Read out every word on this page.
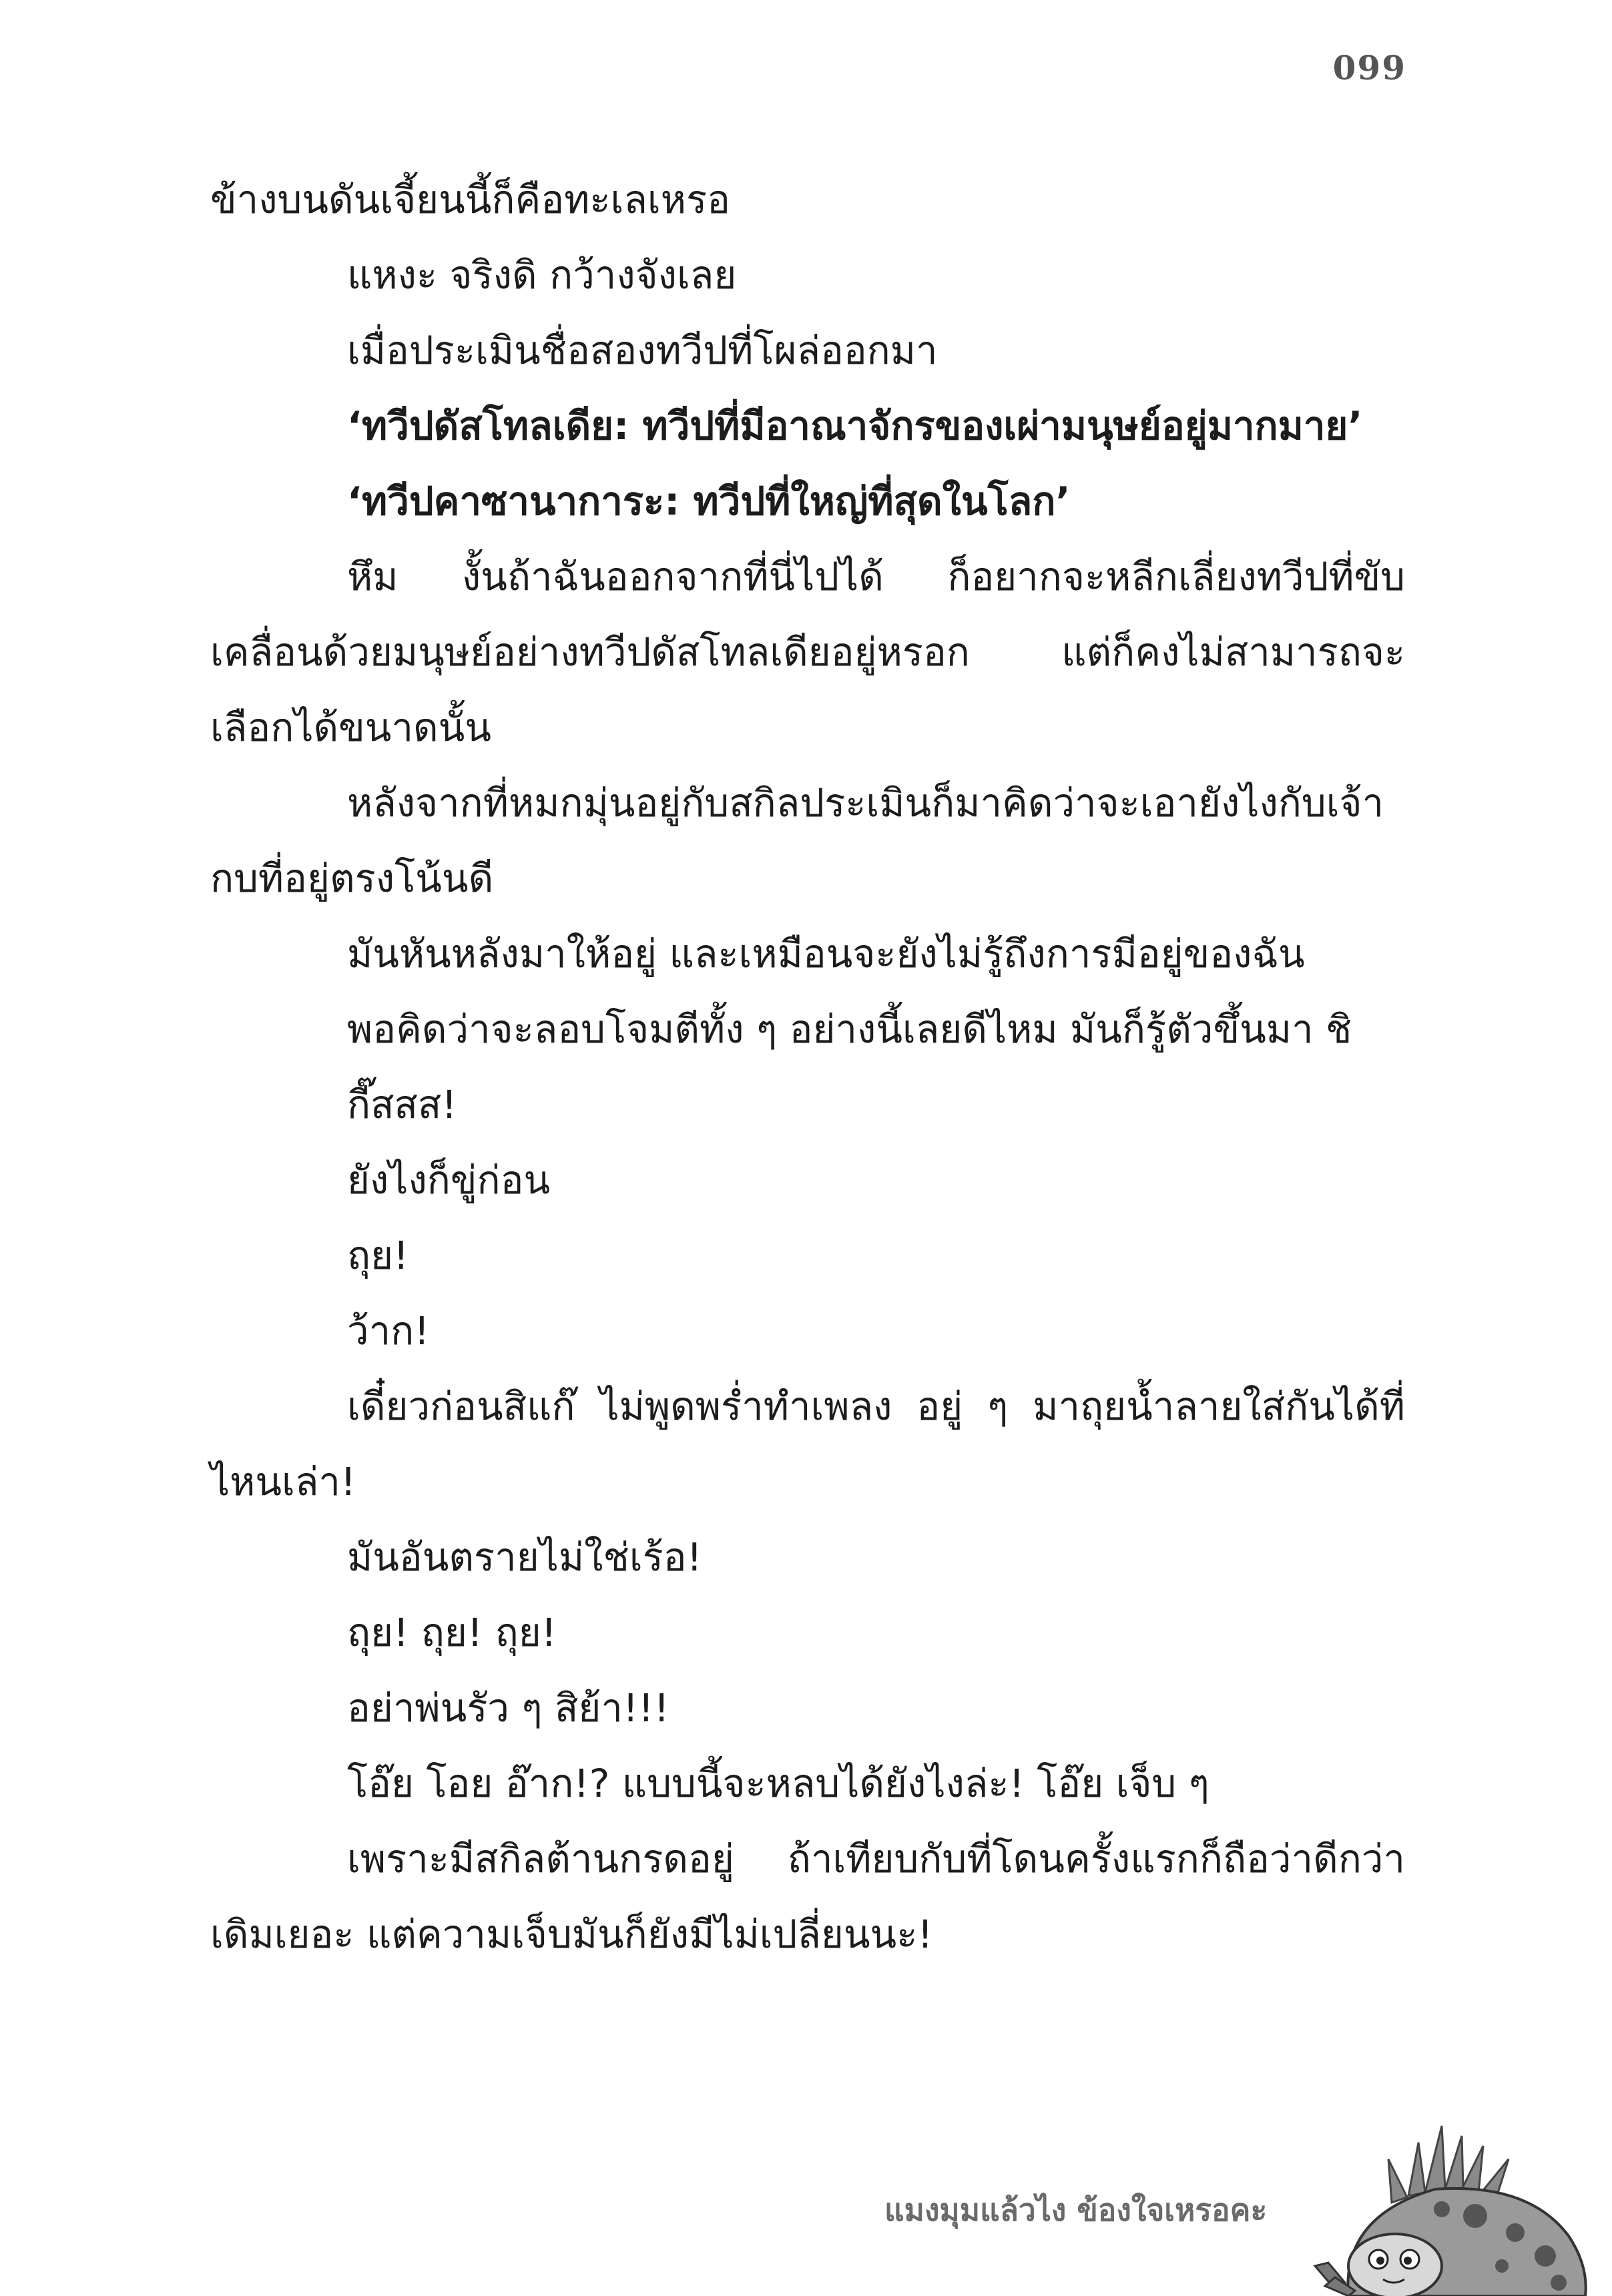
099

ข้างบนดันเจี้ยนนี้ก็คือทะเลเหรอ

แหงะ จริงดิ กว้างจังเลย

เมื่อประเมินชื่อสองทวีปที่โผล่ออกมา

‘ทวีปดัสโทลเดีย: ทวีปที่มีอาณาจักรของเผ่ามนุษย์อยู่มากมาย’

‘ทวีปคาซานาการะ: ทวีปที่ใหญ่ที่สุดในโลก’

หึม งั้นถ้าฉันออกจากที่นี่ไปได้ ก็อยากจะหลีกเลี่ยงทวีปที่ขับเคลื่อนด้วยมนุษย์อย่างทวีปดัสโทลเดียอยู่หรอก แต่ก็คงไม่สามารถจะเลือกได้ขนาดนั้น

หลังจากที่หมกมุ่นอยู่กับสกิลประเมินก็มาคิดว่าจะเอายังไงกับเจ้ากบที่อยู่ตรงโน้นดี

มันหันหลังมาให้อยู่ และเหมือนจะยังไม่รู้ถึงการมีอยู่ของฉัน

พอคิดว่าจะลอบโจมตีทั้ง ๆ อย่างนี้เลยดีไหม มันก็รู้ตัวขึ้นมา ชิ

กี๊สสส!

ยังไงก็ขู่ก่อน

ถุย!

ว้าก!

เดี๋ยวก่อนสิแก๊ ไม่พูดพร่ำทำเพลง อยู่ ๆ มาถุยน้ำลายใส่กันได้ที่ไหนเล่า!

มันอันตรายไม่ใช่เร้อ!

ถุย! ถุย! ถุย!

อย่าพ่นรัว ๆ สิย้า!!!

โอ๊ย โอย อ๊าก!? แบบนี้จะหลบได้ยังไงล่ะ! โอ๊ย เจ็บ ๆ

เพราะมีสกิลต้านกรดอยู่ ถ้าเทียบกับที่โดนครั้งแรกก็ถือว่าดีกว่าเดิมเยอะ แต่ความเจ็บมันก็ยังมีไม่เปลี่ยนนะ!

แมงมุมแล้วไง ข้องใจเหรอคะ
